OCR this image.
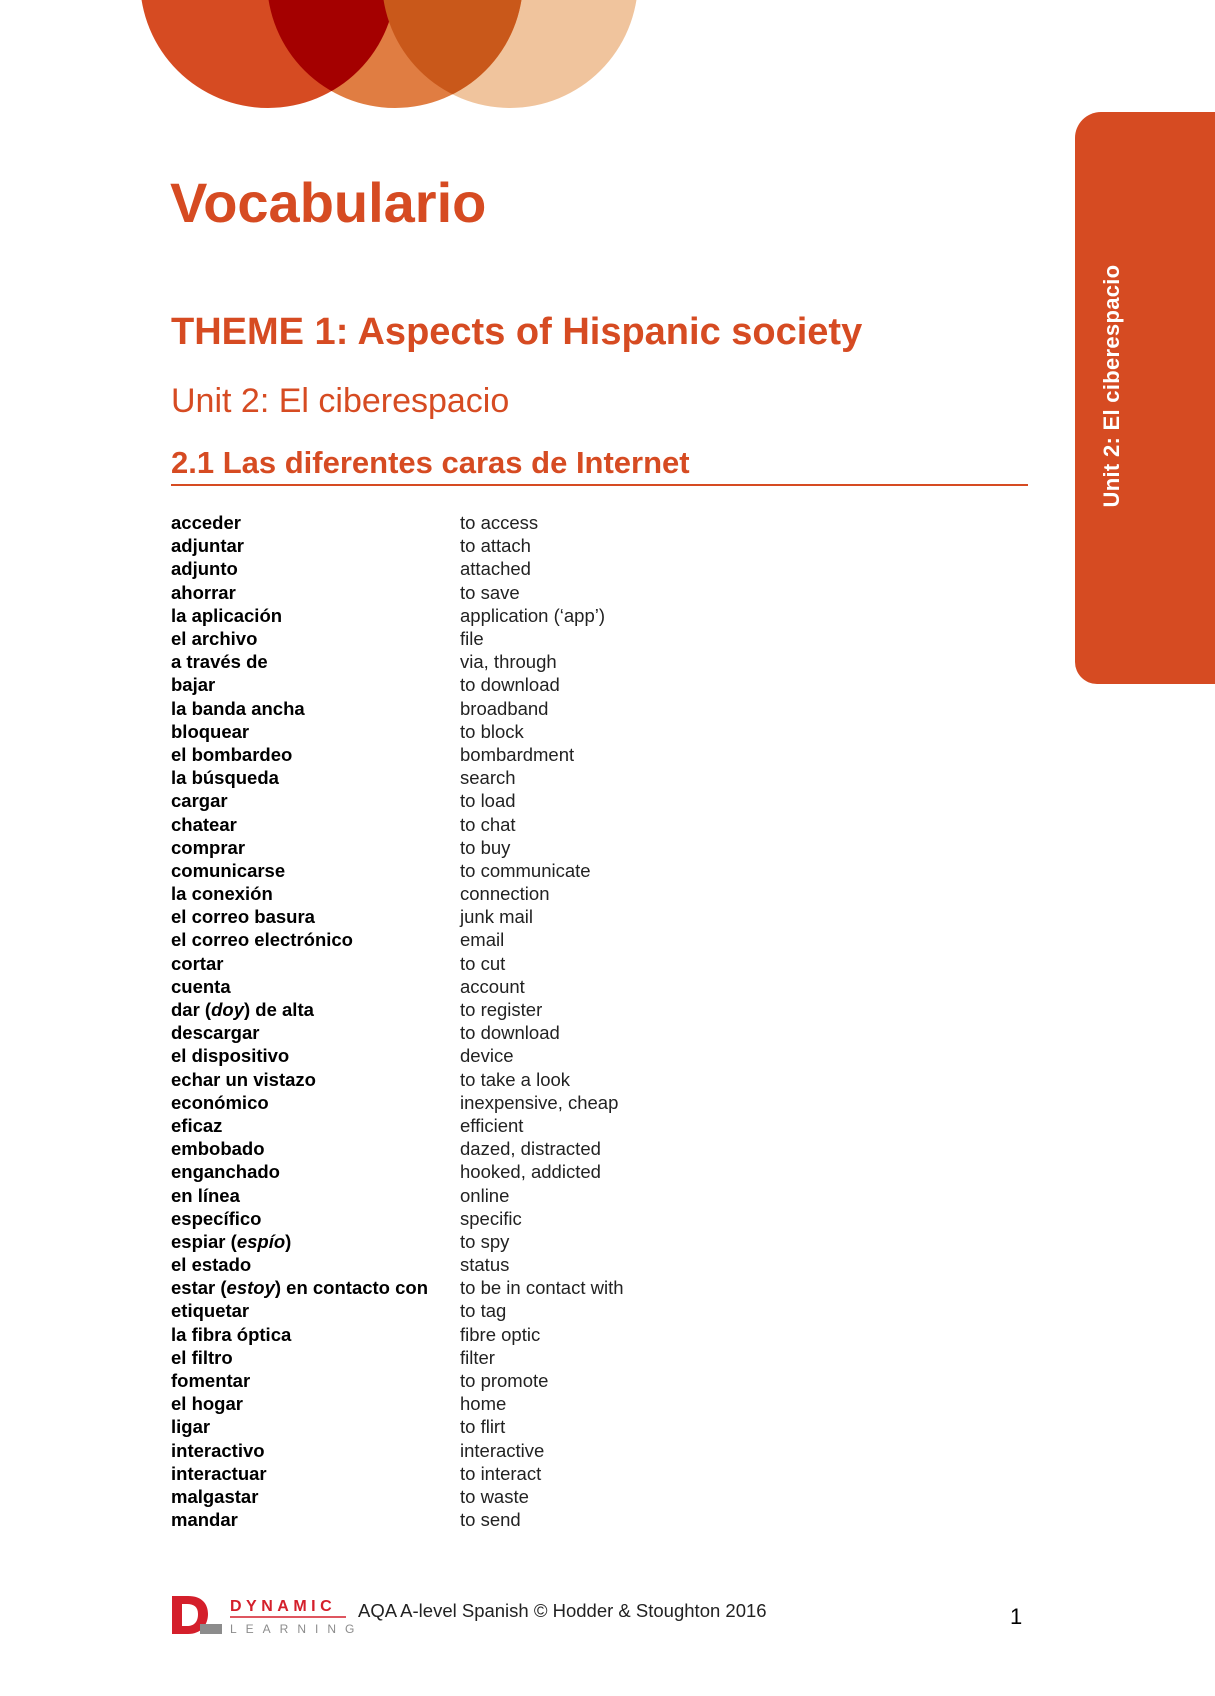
Unit 2: El ciberespacio
Vocabulario
THEME 1: Aspects of Hispanic society
Unit 2: El ciberespacio
2.1 Las diferentes caras de Internet
acceder	to access
adjuntar	to attach
adjunto	attached
ahorrar	to save
la aplicación	application (‘app’)
el archivo	file
a través de	via, through
bajar	to download
la banda ancha	broadband
bloquear	to block
el bombardeo	bombardment
la búsqueda	search
cargar	to load
chatear	to chat
comprar	to buy
comunicarse	to communicate
la conexión	connection
el correo basura	junk mail
el correo electrónico	email
cortar	to cut
cuenta	account
dar (doy) de alta	to register
descargar	to download
el dispositivo	device
echar un vistazo	to take a look
económico	inexpensive, cheap
eficaz	efficient
embobado	dazed, distracted
enganchado	hooked, addicted
en línea	online
específico	specific
espiar (espío)	to spy
el estado	status
estar (estoy) en contacto con	to be in contact with
etiquetar	to tag
la fibra óptica	fibre optic
el filtro	filter
fomentar	to promote
el hogar	home
ligar	to flirt
interactivo	interactive
interactuar	to interact
malgastar	to waste
mandar	to send
DYNAMIC
LEARNING
AQA A-level Spanish © Hodder & Stoughton 2016	1
